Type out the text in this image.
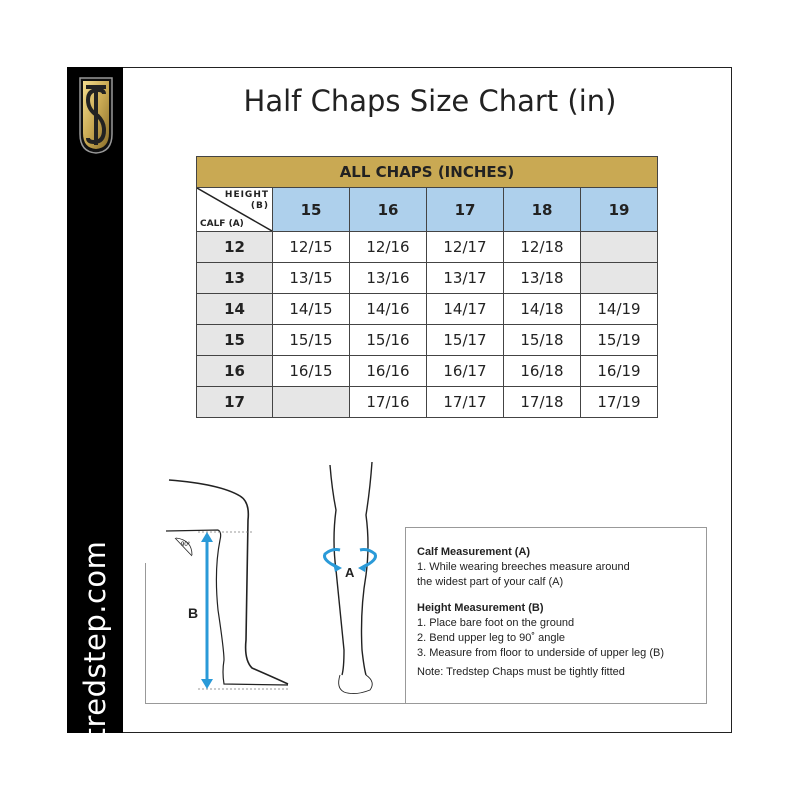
tredstep.com
Half Chaps Size Chart (in)
ALL CHAPS (INCHES)					

HEIGHT
(B)
CALF (A)	15	16	17	18	19
12	12/15	12/16	12/17	12/18	
13	13/15	13/16	13/17	13/18	
14	14/15	14/16	14/17	14/18	14/19
15	15/15	15/16	15/17	15/18	15/19
16	16/15	16/16	16/17	16/18	16/19
17		17/16	17/17	17/18	17/19
90°
B
A

Calf Measurement (A)

1. While wearing breeches measure around

the widest part of your calf (A)

Height Measurement (B)

1. Place bare foot on the ground

2. Bend upper leg to 90˚ angle

3. Measure from floor to underside of upper leg (B)

Note: Tredstep Chaps must be tightly fitted
